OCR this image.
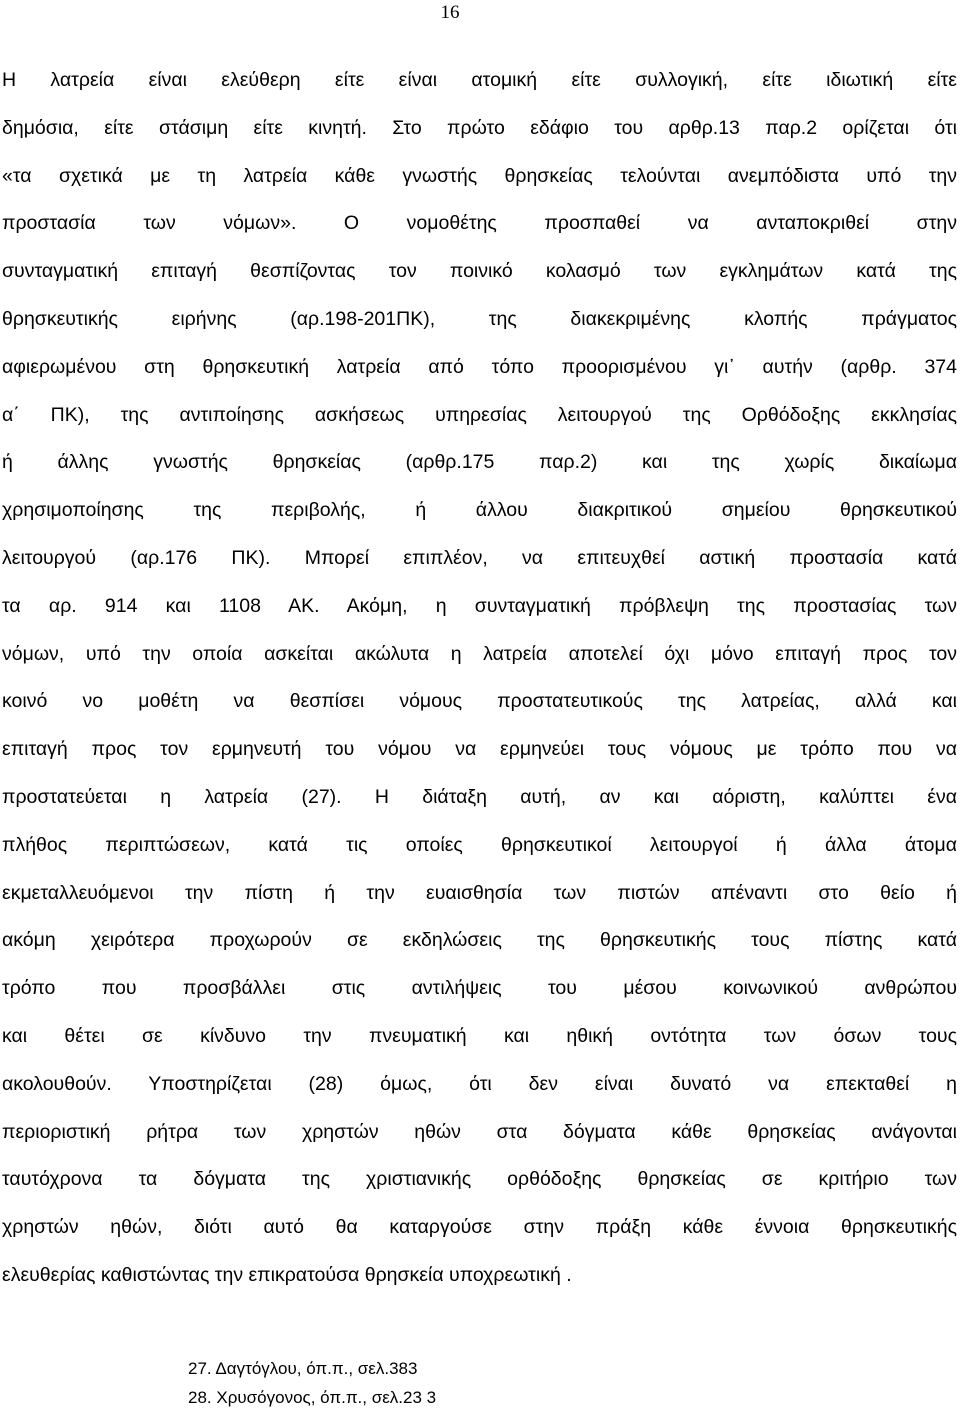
16
Η λατρεία είναι ελεύθερη είτε είναι ατομική είτε συλλογική, είτε ιδιωτική είτε
δημόσια, είτε στάσιμη είτε κινητή. Στο πρώτο εδάφιο του αρθρ.13 παρ.2 ορίζεται ότι
«τα σχετικά με τη λατρεία κάθε γνωστής θρησκείας τελούνται ανεμπόδιστα υπό την
προστασία των νόμων». Ο νομοθέτης προσπαθεί να ανταποκριθεί στην
συνταγματική επιταγή θεσπίζοντας τον ποινικό κολασμό των εγκλημάτων κατά της
θρησκευτικής ειρήνης (αρ.198-201ΠΚ), της διακεκριμένης κλοπής πράγματος
αφιερωμένου στη θρησκευτική λατρεία από τόπο προορισμένου γι᾽ αυτήν (αρθρ. 374
α΄ ΠΚ), της αντιποίησης ασκήσεως υπηρεσίας λειτουργού της Ορθόδοξης εκκλησίας
ή άλλης γνωστής θρησκείας (αρθρ.175 παρ.2) και της χωρίς δικαίωμα
χρησιμοποίησης της περιβολής, ή άλλου διακριτικού σημείου θρησκευτικού
λειτουργού (αρ.176 ΠΚ). Μπορεί επιπλέον, να επιτευχθεί αστική προστασία κατά
τα αρ. 914 και 1108 ΑΚ. Ακόμη, η συνταγματική πρόβλεψη της προστασίας των
νόμων, υπό την οποία ασκείται ακώλυτα η λατρεία αποτελεί όχι μόνο επιταγή προς τον
κοινό νο μοθέτη να θεσπίσει νόμους προστατευτικούς της λατρείας, αλλά και
επιταγή προς τον ερμηνευτή του νόμου να ερμηνεύει τους νόμους με τρόπο που να
προστατεύεται η λατρεία (27). Η διάταξη αυτή, αν και αόριστη, καλύπτει ένα
πλήθος περιπτώσεων, κατά τις οποίες θρησκευτικοί λειτουργοί ή άλλα άτομα
εκμεταλλευόμενοι την πίστη ή την ευαισθησία των πιστών απέναντι στο θείο ή
ακόμη χειρότερα προχωρούν σε εκδηλώσεις της θρησκευτικής τους πίστης κατά
τρόπο που προσβάλλει στις αντιλήψεις του μέσου κοινωνικού ανθρώπου
και θέτει σε κίνδυνο την πνευματική και ηθική οντότητα των όσων τους
ακολουθούν. Υποστηρίζεται (28) όμως, ότι δεν είναι δυνατό να επεκταθεί η
περιοριστική ρήτρα των χρηστών ηθών στα δόγματα κάθε θρησκείας ανάγονται
ταυτόχρονα τα δόγματα της χριστιανικής ορθόδοξης θρησκείας σε κριτήριο των
χρηστών ηθών, διότι αυτό θα καταργούσε στην πράξη κάθε έννοια θρησκευτικής
ελευθερίας καθιστώντας την επικρατούσα θρησκεία υποχρεωτική .
27. Δαγτόγλου, όπ.π., σελ.383
28. Χρυσόγονος, όπ.π., σελ.23 3
